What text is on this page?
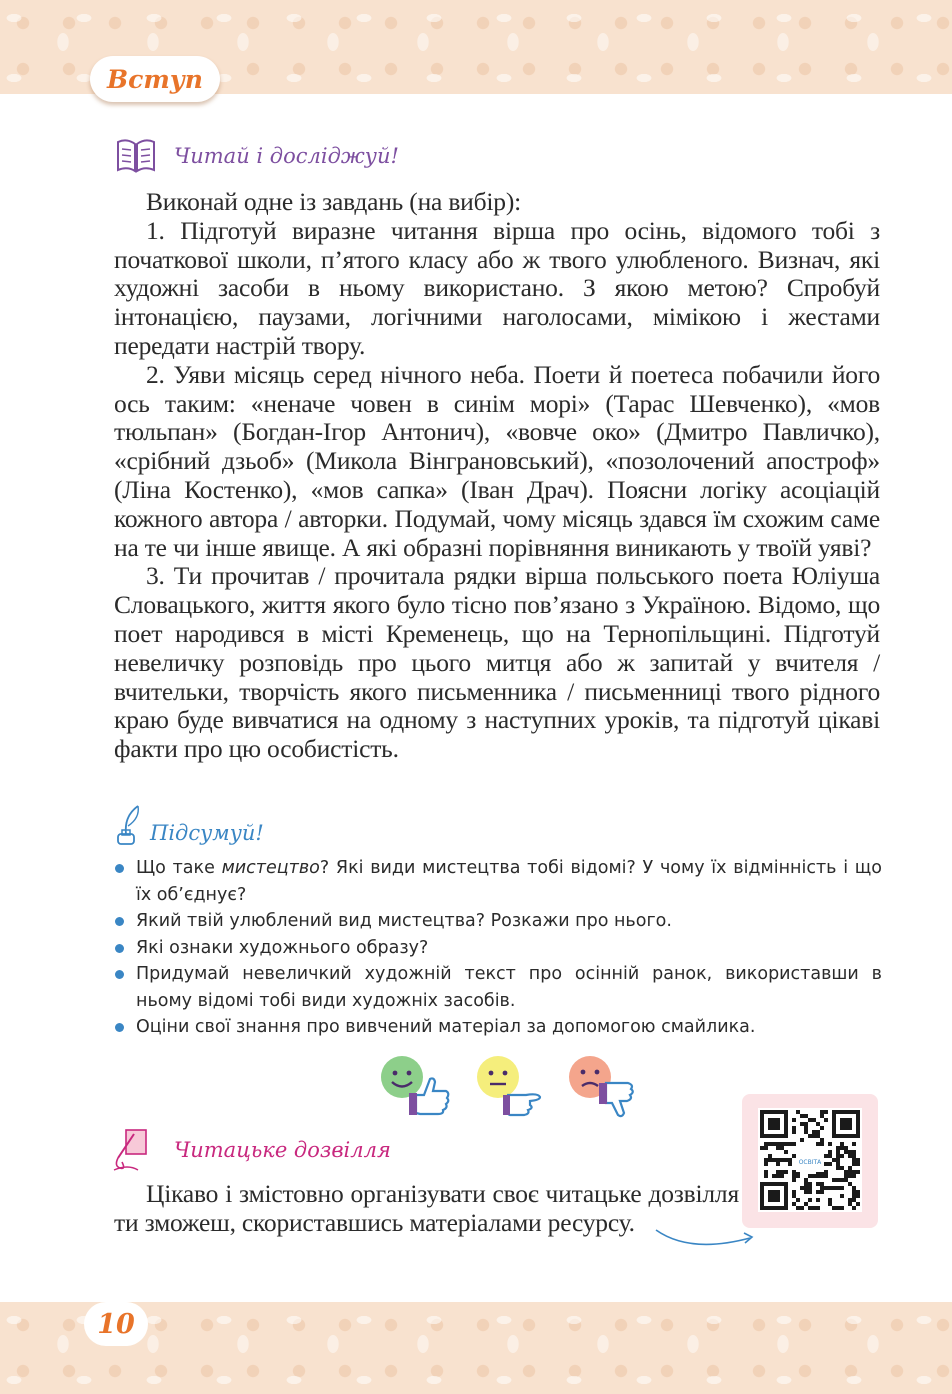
Вступ
Читай і досліджуй!

Виконай одне із завдань (на вибір):

1. Підготуй виразне читання вірша про осінь, відомого тобі з початкової школи, п’ятого класу або ж твого улюбленого. Визнач, які художні засоби в ньому використано. З якою метою? Спробуй інтонацією, паузами, логічними наголосами, мімікою і жестами передати настрій твору.

2. Уяви місяць серед нічного неба. Поети й поетеса побачили його ось таким: «неначе човен в синім морі» (Тарас Шевченко), «мов тюльпан» (Богдан-Ігор Антонич), «вовче око» (Дмитро Павличко), «срібний дзьоб» (Микола Вінграновський), «позолочений апостроф» (Ліна Костенко), «мов сапка» (Іван Драч). Поясни логіку асоціацій кожного автора / авторки. Подумай, чому місяць здався їм схожим саме на те чи інше явище. А які образні порівняння виникають у твоїй уяві?

3. Ти прочитав / прочитала рядки вірша польського поета Юліуша Словацького, життя якого було тісно пов’язано з Україною. Відомо, що поет народився в місті Кременець, що на Тернопільщині. Підготуй невеличку розповідь про цього митця або ж запитай у вчителя / вчительки, творчість якого письменника / письменниці твого рідного краю буде вивчатися на одному з наступних уроків, та підготуй цікаві факти про цю особистість.

Підсумуй!
Що таке мистецтво? Які види мистецтва тобі відомі? У чому їх відмінність і що їх об’єднує?
Який твій улюблений вид мистецтва? Розкажи про нього.
Які ознаки художнього образу?
Придумай невеличкий художній текст про осінній ранок, використавши в ньому відомі тобі види художніх засобів.
Оціни свої знання про вивчений матеріал за допомогою смайлика.
Читацьке дозвілля

Цікаво і змістовно організувати своє читацьке дозвілля ти зможеш, скориставшись матеріалами ресурсу.

ОСВІТА
10
